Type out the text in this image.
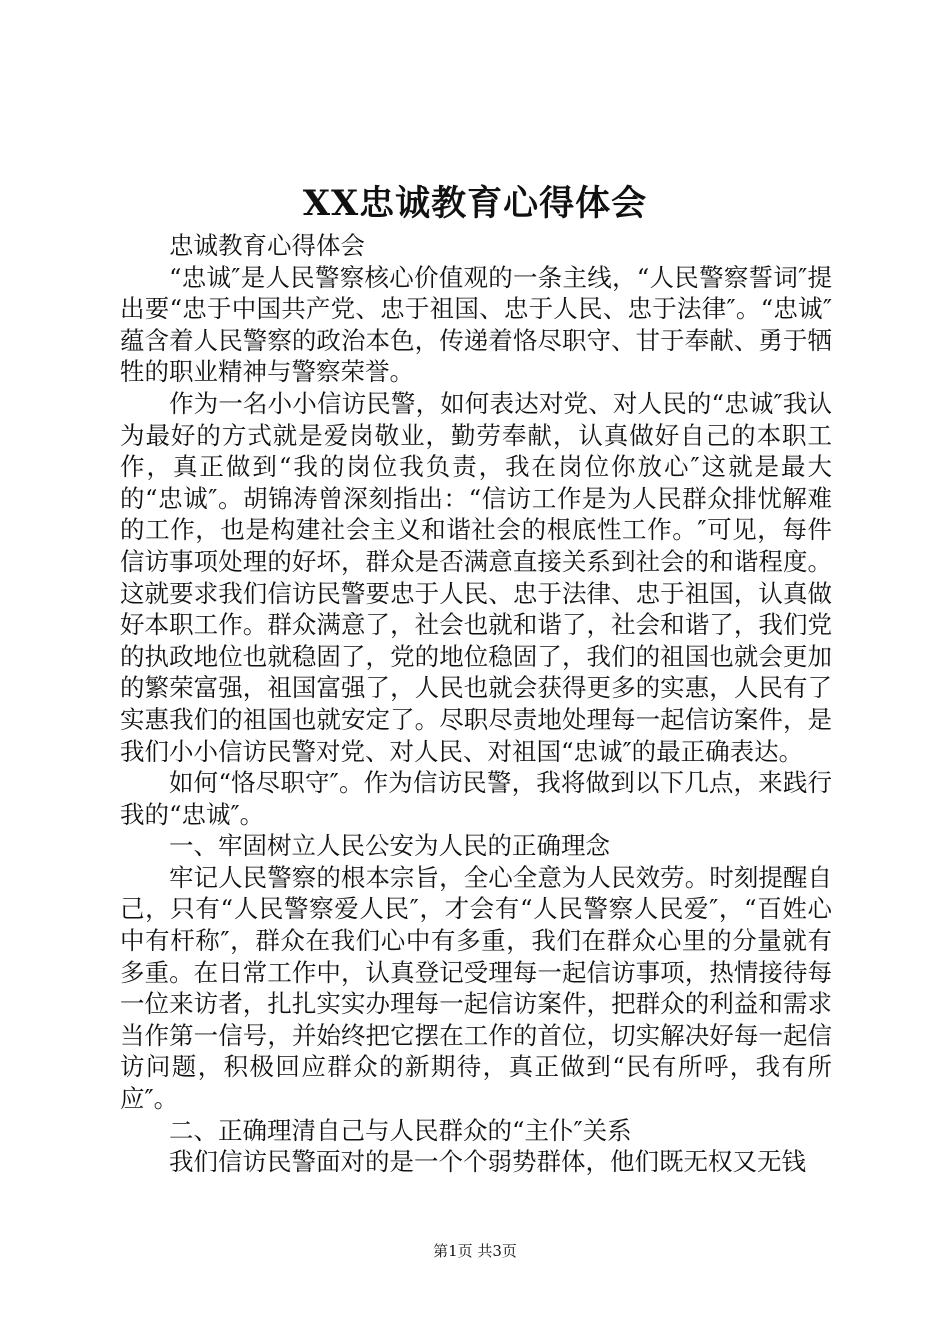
XX忠诚教育心得体会

忠诚教育心得体会

“忠诚″是人民警察核心价值观的一条主线，“人民警察誓词″提出要“忠于中国共产党、忠于祖国、忠于人民、忠于法律″。“忠诚″蕴含着人民警察的政治本色，传递着恪尽职守、甘于奉献、勇于牺牲的职业精神与警察荣誉。

作为一名小小信访民警，如何表达对党、对人民的“忠诚″我认为最好的方式就是爱岗敬业，勤劳奉献，认真做好自己的本职工作，真正做到“我的岗位我负责，我在岗位你放心″这就是最大的“忠诚″。胡锦涛曾深刻指出：“信访工作是为人民群众排忧解难的工作，也是构建社会主义和谐社会的根底性工作。″可见，每件信访事项处理的好坏，群众是否满意直接关系到社会的和谐程度。这就要求我们信访民警要忠于人民、忠于法律、忠于祖国，认真做好本职工作。群众满意了，社会也就和谐了，社会和谐了，我们党的执政地位也就稳固了，党的地位稳固了，我们的祖国也就会更加的繁荣富强，祖国富强了，人民也就会获得更多的实惠，人民有了实惠我们的祖国也就安定了。尽职尽责地处理每一起信访案件，是我们小小信访民警对党、对人民、对祖国“忠诚″的最正确表达。

如何“恪尽职守″。作为信访民警，我将做到以下几点，来践行我的“忠诚″。

一、牢固树立人民公安为人民的正确理念

牢记人民警察的根本宗旨，全心全意为人民效劳。时刻提醒自己，只有“人民警察爱人民″，才会有“人民警察人民爱″，“百姓心中有杆称″，群众在我们心中有多重，我们在群众心里的分量就有多重。在日常工作中，认真登记受理每一起信访事项，热情接待每一位来访者，扎扎实实办理每一起信访案件，把群众的利益和需求当作第一信号，并始终把它摆在工作的首位，切实解决好每一起信访问题，积极回应群众的新期待，真正做到“民有所呼，我有所应″。

二、正确理清自己与人民群众的“主仆″关系

我们信访民警面对的是一个个弱势群体，他们既无权又无钱

第1页 共3页
